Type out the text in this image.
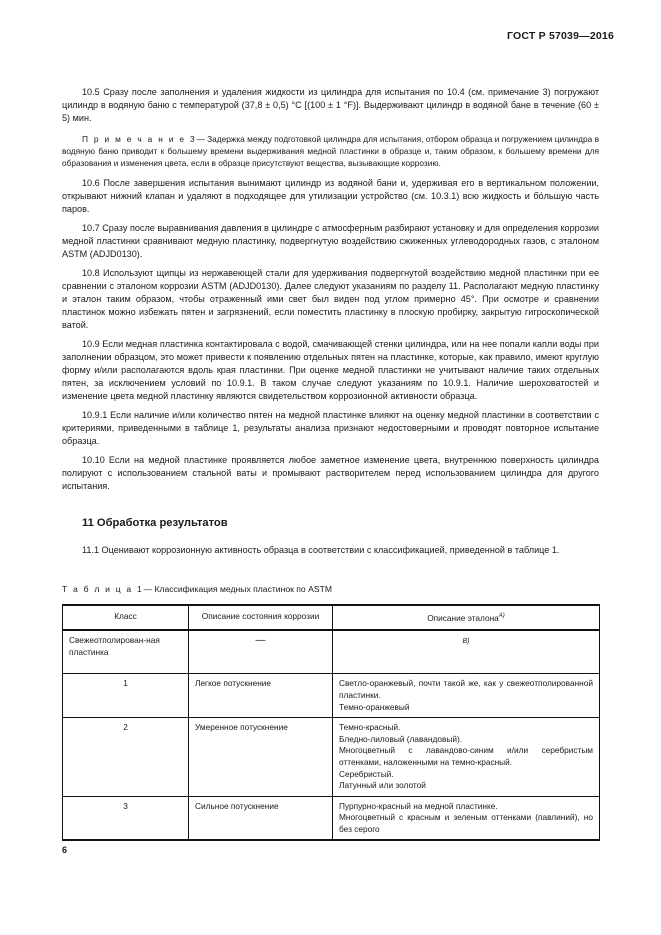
ГОСТ Р 57039—2016

10.5 Сразу после заполнения и удаления жидкости из цилиндра для испытания по 10.4 (см. примечание 3) погружают цилиндр в водяную баню с температурой (37,8 ± 0,5) °C [(100 ± 1 °F)]. Выдерживают цилиндр в водяной бане в течение (60 ± 5) мин.

П р и м е ч а н и е 3— Задержка между подготовкой цилиндра для испытания, отбором образца и погружением цилиндра в водяную баню приводит к большему времени выдерживания медной пластинки в образце и, таким образом, к большему времени для образования и изменения цвета, если в образце присутствуют вещества, вызывающие коррозию.

10.6 После завершения испытания вынимают цилиндр из водяной бани и, удерживая его в вертикальном положении, открывают нижний клапан и удаляют в подходящее для утилизации устройство (см. 10.3.1) всю жидкость и бо́льшую часть паров.

10.7 Сразу после выравнивания давления в цилиндре с атмосферным разбирают установку и для определения коррозии медной пластинки сравнивают медную пластинку, подвергнутую воздействию сжиженных углеводородных газов, с эталоном ASTM (ADJD0130).

10.8 Используют щипцы из нержавеющей стали для удерживания подвергнутой воздействию медной пластинки при ее сравнении с эталоном коррозии ASTM (ADJD0130). Далее следуют указаниям по разделу 11. Располагают медную пластинку и эталон таким образом, чтобы отраженный ими свет был виден под углом примерно 45°. При осмотре и сравнении пластинок можно избежать пятен и загрязнений, если поместить пластинку в плоскую пробирку, закрытую гигроскопической ватой.

10.9 Если медная пластинка контактировала с водой, смачивающей стенки цилиндра, или на нее попали капли воды при заполнении образцом, это может привести к появлению отдельных пятен на пластинке, которые, как правило, имеют круглую форму и/или располагаются вдоль края пластинки. При оценке медной пластинки не учитывают наличие таких отдельных пятен, за исключением условий по 10.9.1. В таком случае следуют указаниям по 10.9.1. Наличие шероховатостей и изменение цвета медной пластинку являются свидетельством коррозионной активности образца.

10.9.1 Если наличие и/или количество пятен на медной пластинке влияют на оценку медной пластинки в соответствии с критериями, приведенными в таблице 1, результаты анализа признают недостоверными и проводят повторное испытание образца.

10.10 Если на медной пластинке проявляется любое заметное изменение цвета, внутреннюю поверхность цилиндра полируют с использованием стальной ваты и промывают растворителем перед использованием цилиндра для другого испытания.

11 Обработка результатов

11.1 Оценивают коррозионную активность образца в соответствии с классификацией, приведенной в таблице 1.

Т а б л и ц а 1— Классификация медных пластинок по ASTM
Класс	Описание состояния коррозии	Описание эталона$^{A)}$
Свежеотполирован-ная пластинка	—	B)
1	Легкое потускнение	Светло-оранжевый, почти такой же, как у свежеотполированной пластинки.
Темно-оранжевый

2	Умеренное потускнение	Темно-красный.
Бледно-лиловый (лавандовый).
Многоцветный с лавандово-синим и/или серебристым оттенками, наложенными на темно-красный.
Серебристый.
Латунный или золотой

3	Сильное потускнение	Пурпурно-красный на медной пластинке.
Многоцветный с красным и зеленым оттенками (павлиний), но без серого
6
